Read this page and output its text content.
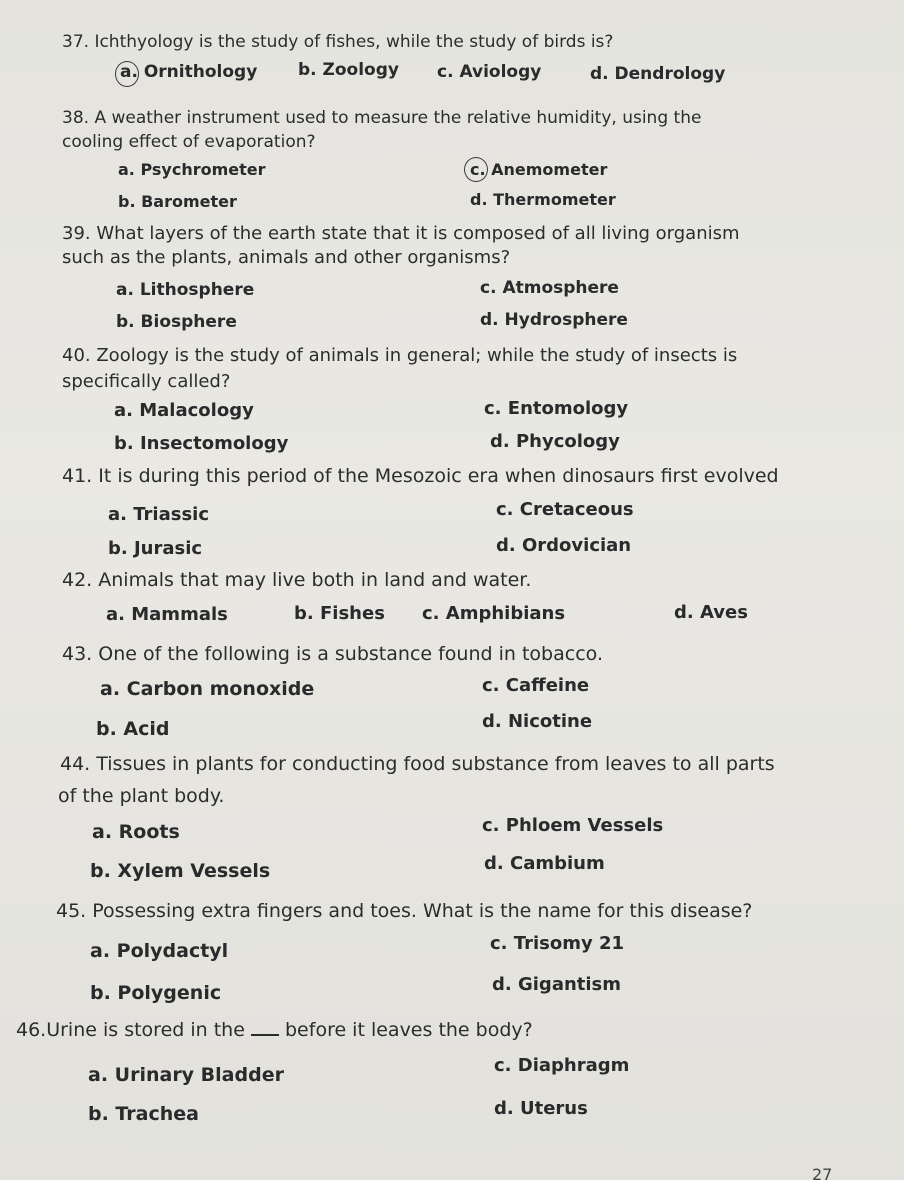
37. Ichthyology is the study of fishes, while the study of birds is?
a. Ornithology b. Zoology c. Aviology	d. Dendrology
38. A weather instrument used to measure the relative humidity, using the
cooling effect of evaporation?
a. Psychrometer	c. Anemometer
b. Barometer	d. Thermometer
39. What layers of the earth state that it is composed of all living organism
such as the plants, animals and other organisms?
a. Lithosphere	c. Atmosphere
b. Biosphere	d. Hydrosphere
40. Zoology is the study of animals in general; while the study of insects is
specifically called?
a. Malacology	c. Entomology
b. Insectomology	d. Phycology
41. It is during this period of the Mesozoic era when dinosaurs first evolved
a. Triassic	c. Cretaceous
b. Jurasic	d. Ordovician
42. Animals that may live both in land and water.
a. Mammals	b. Fishes c. Amphibians	d. Aves
43. One of the following is a substance found in tobacco.
a. Carbon monoxide	c. Caffeine
b. Acid	d. Nicotine
44. Tissues in plants for conducting food substance from leaves to all parts
of the plant body.
a. Roots	c. Phloem Vessels
b. Xylem Vessels	d. Cambium
45. Possessing extra fingers and toes. What is the name for this disease?
a. Polydactyl	c. Trisomy 21
b. Polygenic	d. Gigantism
46.Urine is stored in the before it leaves the body?
a. Urinary Bladder	c. Diaphragm
b. Trachea	d. Uterus
27
